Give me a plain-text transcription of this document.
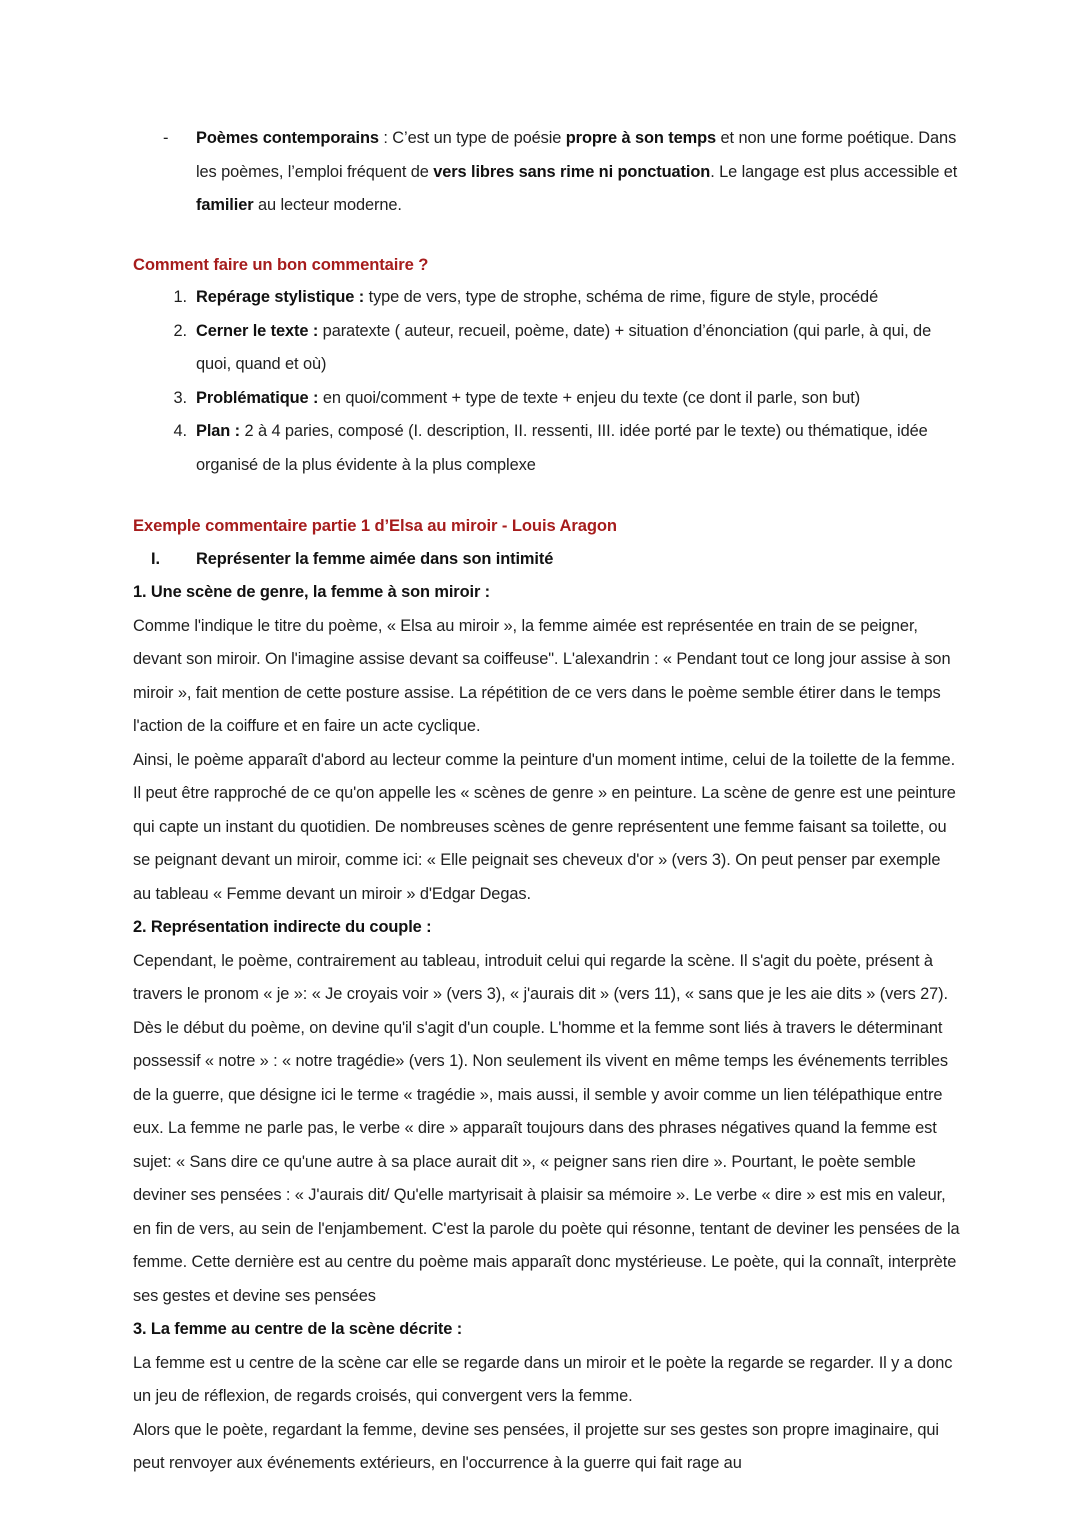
- Poèmes contemporains : C’est un type de poésie propre à son temps et non une forme poétique. Dans les poèmes, l’emploi fréquent de vers libres sans rime ni ponctuation. Le langage est plus accessible et familier au lecteur moderne.

Comment faire un bon commentaire ?

1. Repérage stylistique : type de vers, type de strophe, schéma de rime, figure de style, procédé
2. Cerner le texte : paratexte ( auteur, recueil, poème, date) + situation d’énonciation (qui parle, à qui, de quoi, quand et où)
3. Problématique : en quoi/comment + type de texte + enjeu du texte (ce dont il parle, son but)
4. Plan : 2 à 4 paries, composé (I. description, II. ressenti, III. idée porté par le texte) ou thématique, idée organisé de la plus évidente à la plus complexe

Exemple commentaire partie 1 d’Elsa au miroir - Louis Aragon

I.	Représenter la femme aimée dans son intimité

1. Une scène de genre, la femme à son miroir :

Comme l'indique le titre du poème, « Elsa au miroir », la femme aimée est représentée en train de se peigner, devant son miroir. On l'imagine assise devant sa coiffeuse". L'alexandrin : « Pendant tout ce long jour assise à son miroir », fait mention de cette posture assise. La répétition de ce vers dans le poème semble étirer dans le temps l'action de la coiffure et en faire un acte cyclique.

Ainsi, le poème apparaît d'abord au lecteur comme la peinture d'un moment intime, celui de la toilette de la femme. Il peut être rapproché de ce qu'on appelle les « scènes de genre » en peinture. La scène de genre est une peinture qui capte un instant du quotidien. De nombreuses scènes de genre représentent une femme faisant sa toilette, ou se peignant devant un miroir, comme ici: « Elle peignait ses cheveux d'or » (vers 3). On peut penser par exemple au tableau « Femme devant un miroir » d'Edgar Degas.

2. Représentation indirecte du couple :

Cependant, le poème, contrairement au tableau, introduit celui qui regarde la scène. Il s'agit du poète, présent à travers le pronom « je »: « Je croyais voir » (vers 3), « j'aurais dit » (vers 11), « sans que je les aie dits » (vers 27).

Dès le début du poème, on devine qu'il s'agit d'un couple. L'homme et la femme sont liés à travers le déterminant possessif « notre » : « notre tragédie» (vers 1). Non seulement ils vivent en même temps les événements terribles de la guerre, que désigne ici le terme « tragédie », mais aussi, il semble y avoir comme un lien télépathique entre eux. La femme ne parle pas, le verbe « dire » apparaît toujours dans des phrases négatives quand la femme est sujet: « Sans dire ce qu'une autre à sa place aurait dit », « peigner sans rien dire ». Pourtant, le poète semble deviner ses pensées : « J'aurais dit/ Qu'elle martyrisait à plaisir sa mémoire ». Le verbe « dire » est mis en valeur, en fin de vers, au sein de l'enjambement. C'est la parole du poète qui résonne, tentant de deviner les pensées de la femme. Cette dernière est au centre du poème mais apparaît donc mystérieuse. Le poète, qui la connaît, interprète ses gestes et devine ses pensées

3. La femme au centre de la scène décrite :

La femme est u centre de la scène car elle se regarde dans un miroir et le poète la regarde se regarder. Il y a donc un jeu de réflexion, de regards croisés, qui convergent vers la femme.

Alors que le poète, regardant la femme, devine ses pensées, il projette sur ses gestes son propre imaginaire, qui peut renvoyer aux événements extérieurs, en l'occurrence à la guerre qui fait rage au
